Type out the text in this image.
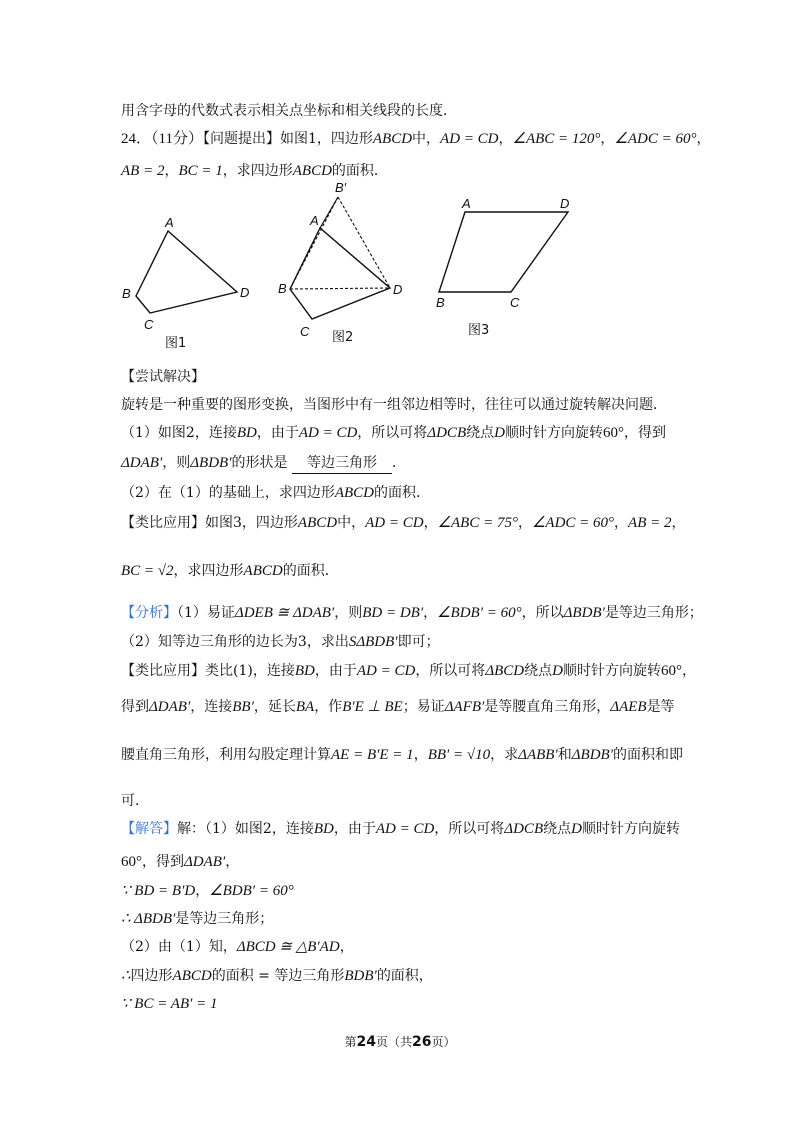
用含字母的代数式表示相关点坐标和相关线段的长度．
24．（11分）【问题提出】如图1，四边形ABCD中，AD = CD，∠ABC = 120°，∠ADC = 60°，
AB = 2，BC = 1，求四边形ABCD的面积．
A
B
C
D
图1
B′
A
B
C
D
图2
A	D
B	C
图3
【尝试解决】
旋转是一种重要的图形变换，当图形中有一组邻边相等时，往往可以通过旋转解决问题．
（1）如图2，连接BD，由于AD = CD，所以可将ΔDCB绕点D顺时针方向旋转60°，得到
ΔDAB′，则ΔBDB′的形状是 等边三角形 ．
（2）在（1）的基础上，求四边形ABCD的面积．
【类比应用】如图3，四边形ABCD中，AD = CD，∠ABC = 75°，∠ADC = 60°，AB = 2，
BC = √2，求四边形ABCD的面积．
【分析】（1）易证ΔDEB ≅ ΔDAB′，则BD = DB′，∠BDB′ = 60°，所以ΔBDB′是等边三角形；
（2）知等边三角形的边长为3，求出SΔBDB′即可；
【类比应用】类比(1)，连接BD，由于AD = CD，所以可将ΔBCD绕点D顺时针方向旋转60°，
得到ΔDAB′，连接BB′，延长BA，作B′E ⊥ BE；易证ΔAFB′是等腰直角三角形，ΔAEB是等
腰直角三角形，利用勾股定理计算AE = B′E = 1，BB′ = √10，求ΔABB′和ΔBDB′的面积和即
可．
【解答】解：（1）如图2，连接BD，由于AD = CD，所以可将ΔDCB绕点D顺时针方向旋转
60°，得到ΔDAB′，
∵ BD = B′D，∠BDB′ = 60°
∴ ΔBDB′是等边三角形；
（2）由（1）知，ΔBCD ≅ △B′AD，
∴四边形ABCD的面积 = 等边三角形BDB′的面积，
∵ BC = AB′ = 1
第24页（共26页）
